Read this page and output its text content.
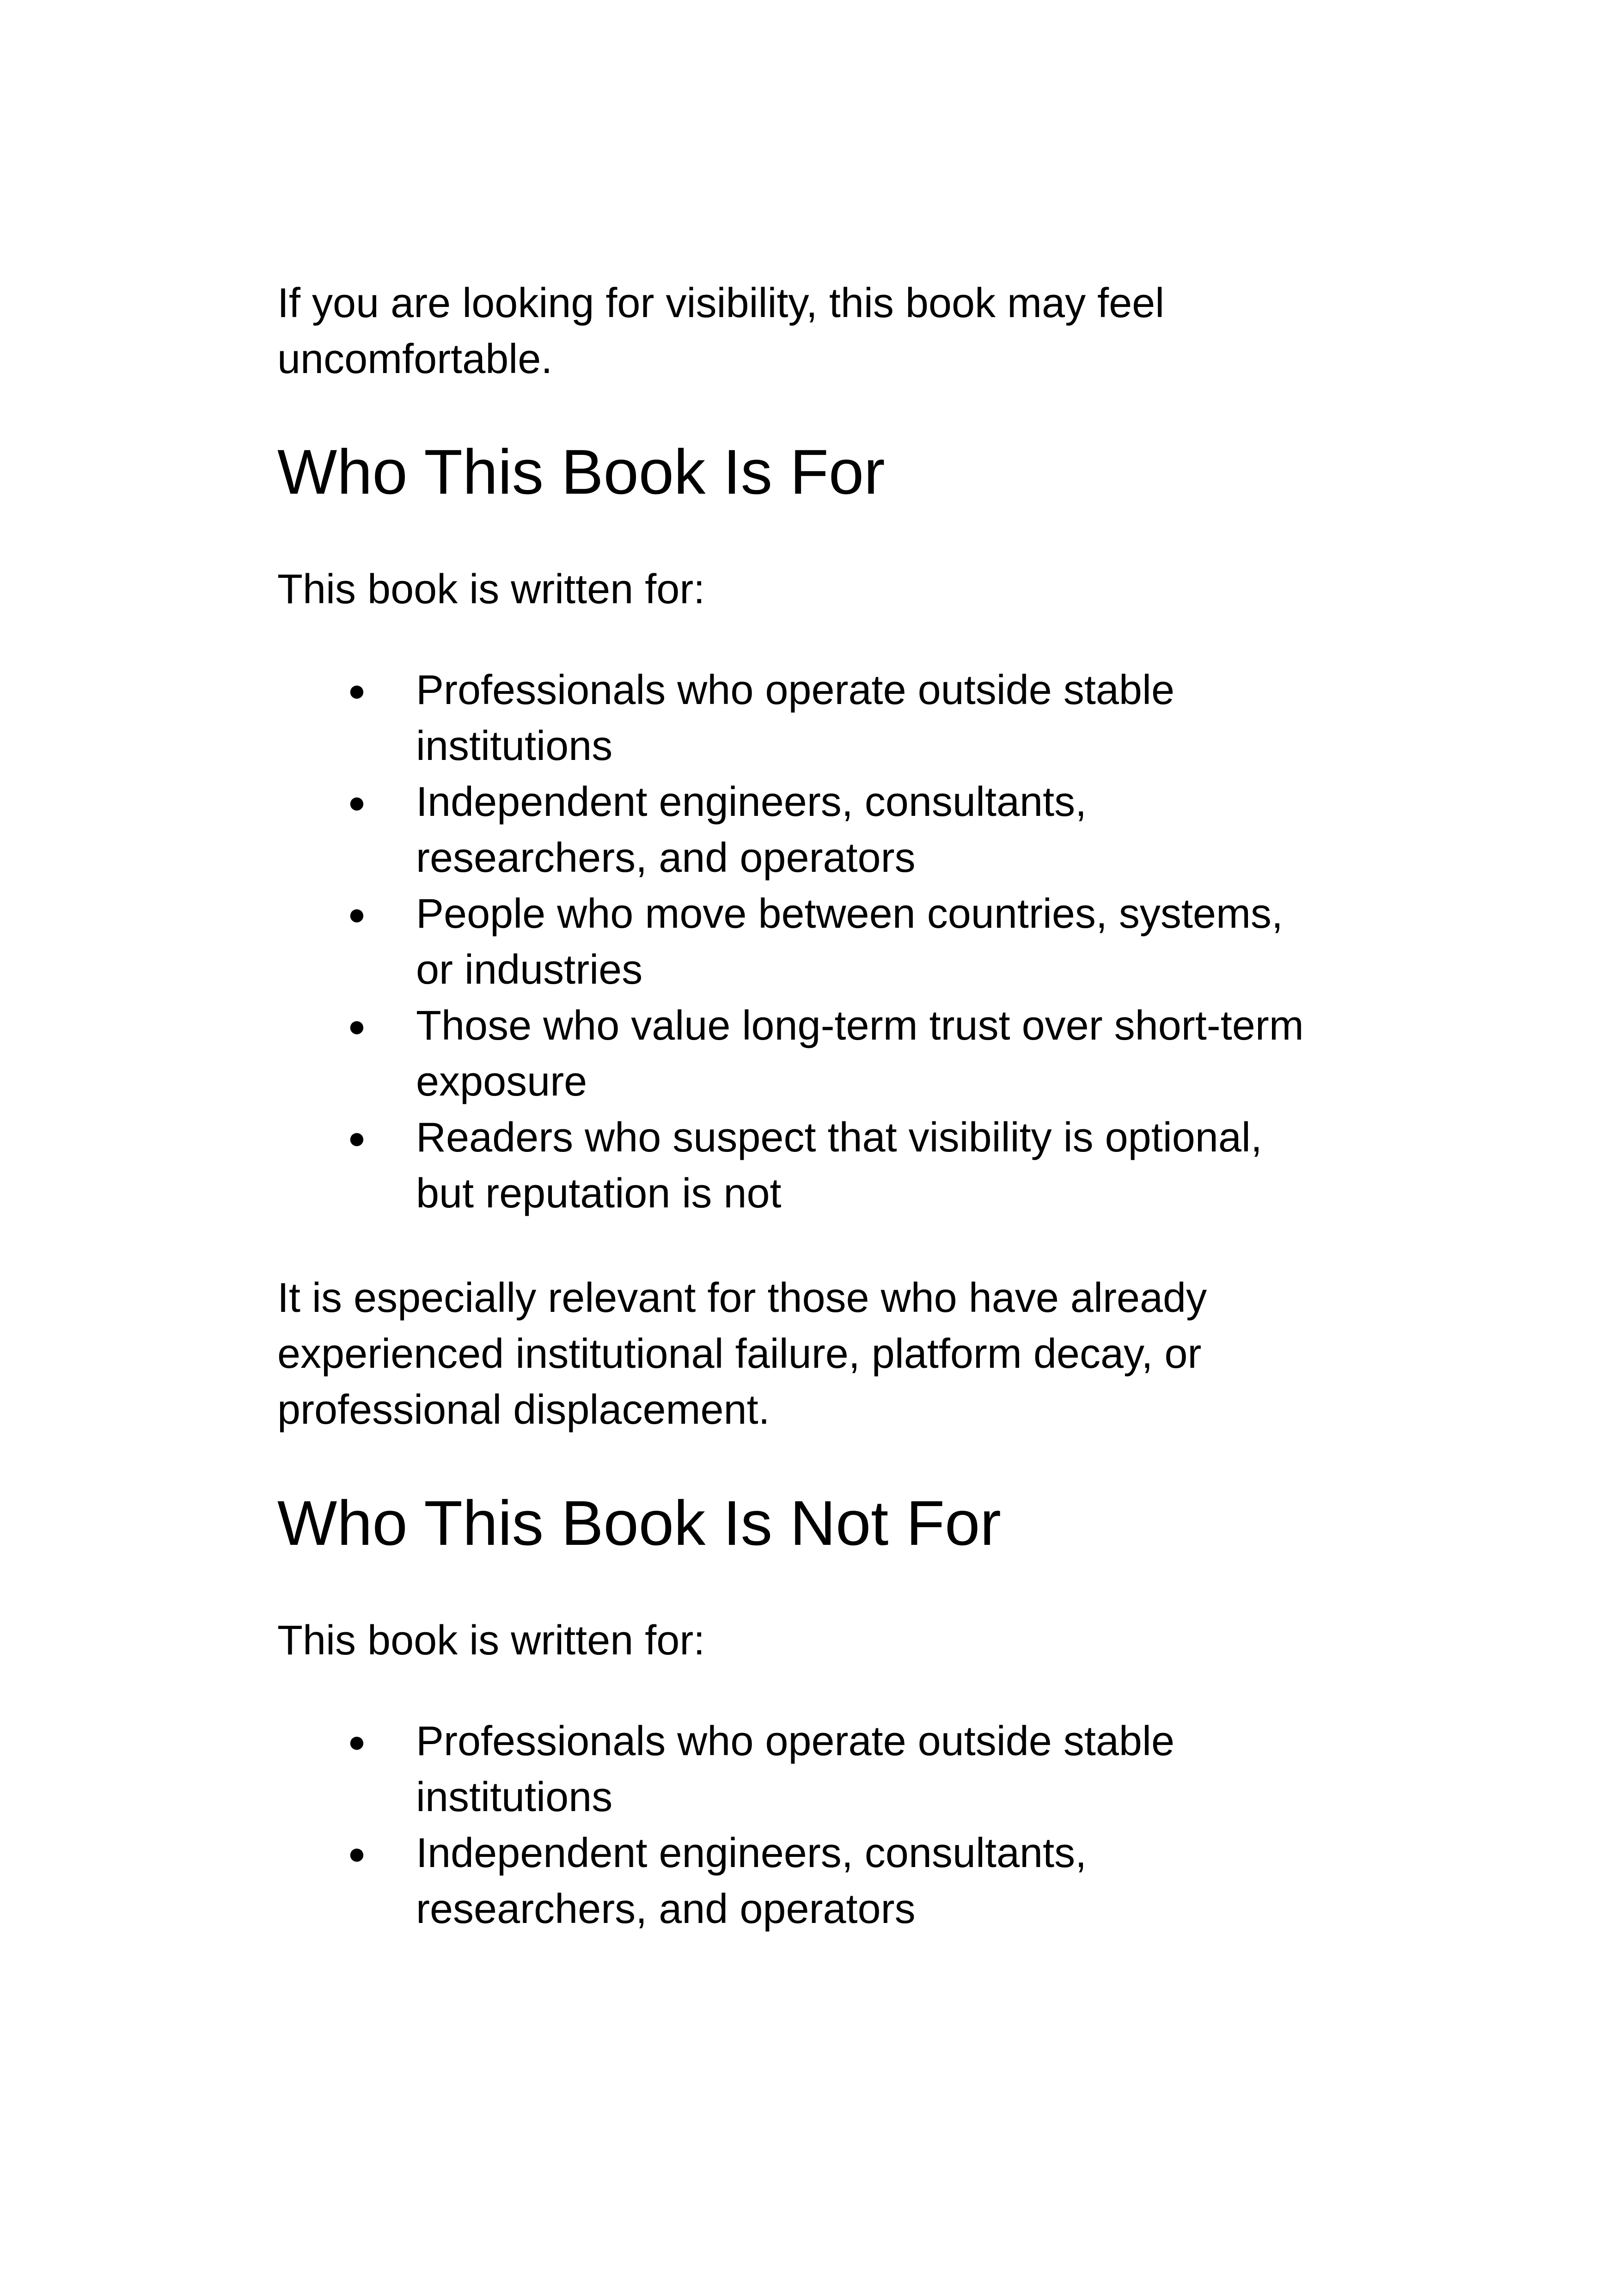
If you are looking for visibility, this book may feel
uncomfortable.

Who This Book Is For

This book is written for:

● Professionals who operate outside stable
institutions
● Independent engineers, consultants,
researchers, and operators
● People who move between countries, systems,
or industries
● Those who value long-term trust over short-term
exposure
● Readers who suspect that visibility is optional,
but reputation is not

It is especially relevant for those who have already
experienced institutional failure, platform decay, or
professional displacement.

Who This Book Is Not For

This book is written for:

● Professionals who operate outside stable
institutions
● Independent engineers, consultants,
researchers, and operators
